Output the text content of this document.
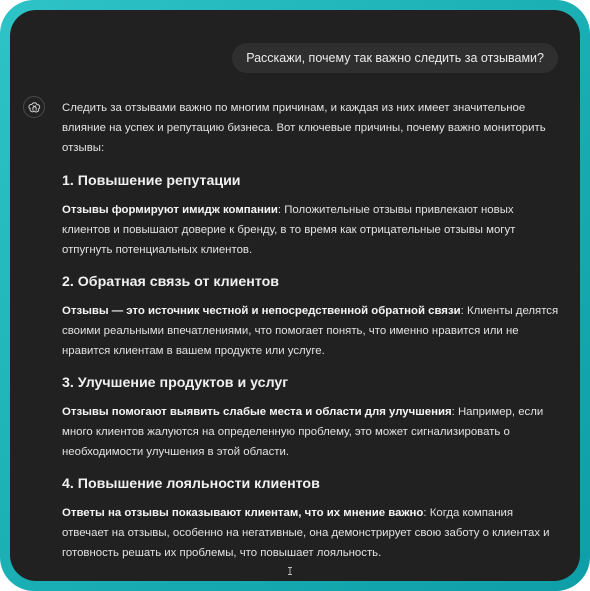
Расскажи, почему так важно следить за отзывами?

Следить за отзывами важно по многим причинам, и каждая из них имеет значительное влияние на успех и репутацию бизнеса. Вот ключевые причины, почему важно мониторить отзывы:

1. Повышение репутации

Отзывы формируют имидж компании: Положительные отзывы привлекают новых клиентов и повышают доверие к бренду, в то время как отрицательные отзывы могут отпугнуть потенциальных клиентов.

2. Обратная связь от клиентов

Отзывы — это источник честной и непосредственной обратной связи: Клиенты делятся своими реальными впечатлениями, что помогает понять, что именно нравится или не нравится клиентам в вашем продукте или услуге.

3. Улучшение продуктов и услуг

Отзывы помогают выявить слабые места и области для улучшения: Например, если много клиентов жалуются на определенную проблему, это может сигнализировать о необходимости улучшения в этой области.

4. Повышение лояльности клиентов

Ответы на отзывы показывают клиентам, что их мнение важно: Когда компания отвечает на отзывы, особенно на негативные, она демонстрирует свою заботу о клиентах и готовность решать их проблемы, что повышает лояльность.
